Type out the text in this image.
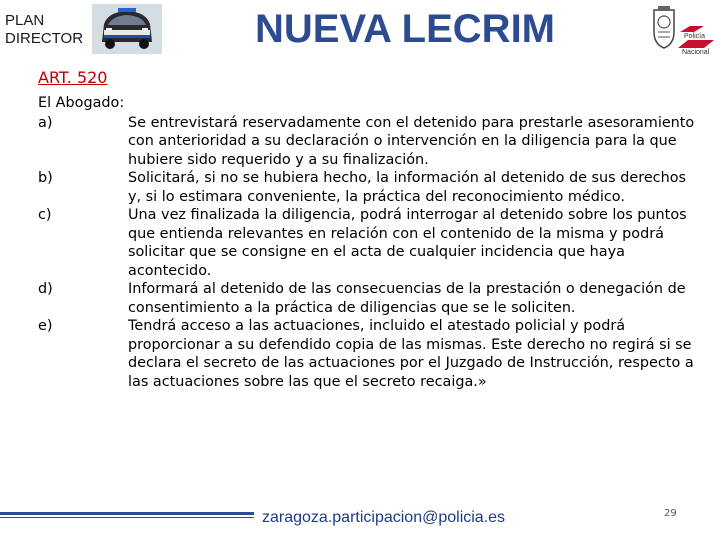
PLAN
DIRECTOR	NUEVA LECRIM	Policía
Nacional
ART. 520
El Abogado:
a)	Se entrevistará reservadamente con el detenido para prestarle asesoramiento con anterioridad a su declaración o intervención en la diligencia para la que hubiere sido requerido y a su finalización.
b)	Solicitará, si no se hubiera hecho, la información al detenido de sus derechos y, si lo estimara conveniente, la práctica del reconocimiento médico.
c)	Una vez finalizada la diligencia, podrá interrogar al detenido sobre los puntos que entienda relevantes en relación con el contenido de la misma y podrá solicitar que se consigne en el acta de cualquier incidencia que haya acontecido.
d)	Informará al detenido de las consecuencias de la prestación o denegación de consentimiento a la práctica de diligencias que se le soliciten.
e)	Tendrá acceso a las actuaciones, incluido el atestado policial y podrá proporcionar a su defendido copia de las mismas. Este derecho no regirá si se declara el secreto de las actuaciones por el Juzgado de Instrucción, respecto a las actuaciones sobre las que el secreto recaiga.»
zaragoza.participacion@policia.es	29
